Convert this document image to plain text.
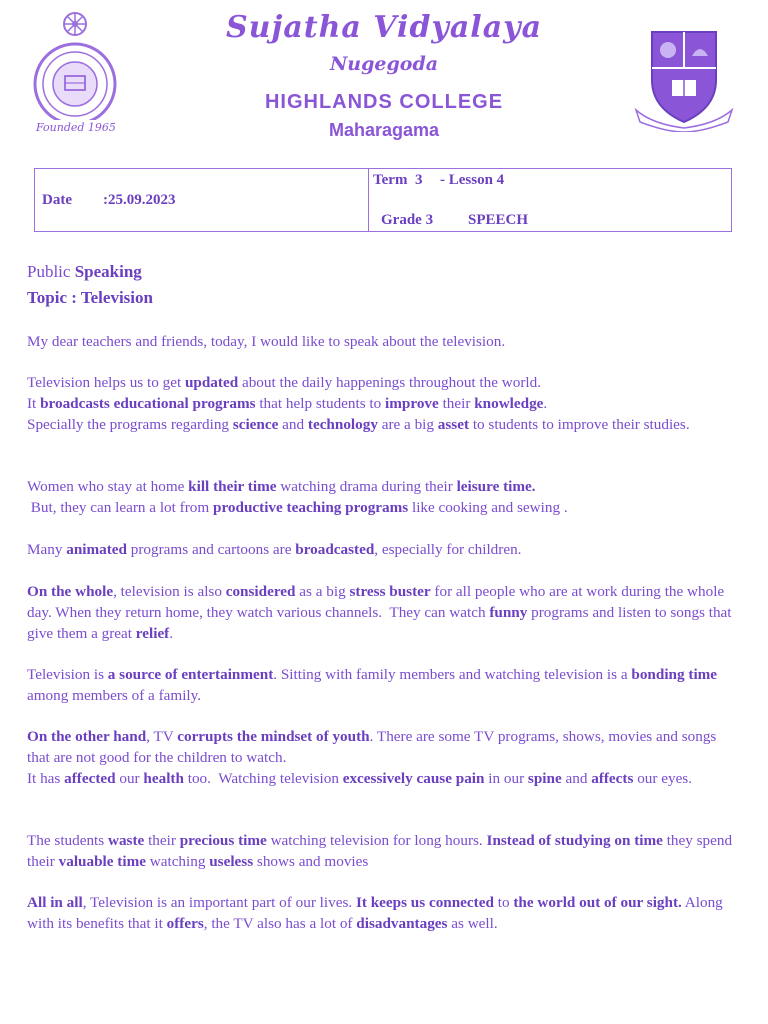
Founded 1965
Sujatha Vidyalaya
Nugegoda
HIGHLANDS COLLEGE
Maharagama
Date :25.09.2023
Term  3 - Lesson 4
Grade 3 SPEECH
Public Speaking
Topic : Television
My dear teachers and friends, today, I would like to speak about the television.
Television helps us to get updated about the daily happenings throughout the world.
It broadcasts educational programs that help students to improve their knowledge.
Specially the programs regarding science and technology are a big asset to students to improve their studies.
Women who stay at home kill their time watching drama during their leisure time.
But, they can learn a lot from productive teaching programs like cooking and sewing .
Many animated programs and cartoons are broadcasted, especially for children.
On the whole, television is also considered as a big stress buster for all people who are at work during the whole day. When they return home, they watch various channels.  They can watch funny programs and listen to songs that give them a great relief.
Television is a source of entertainment. Sitting with family members and watching television is a bonding time among members of a family.
On the other hand, TV corrupts the mindset of youth. There are some TV programs, shows, movies and songs that are not good for the children to watch.
It has affected our health too.  Watching television excessively cause pain in our spine and affects our eyes.
The students waste their precious time watching television for long hours. Instead of studying on time they spend their valuable time watching useless shows and movies
All in all, Television is an important part of our lives. It keeps us connected to the world out of our sight. Along with its benefits that it offers, the TV also has a lot of disadvantages as well.
